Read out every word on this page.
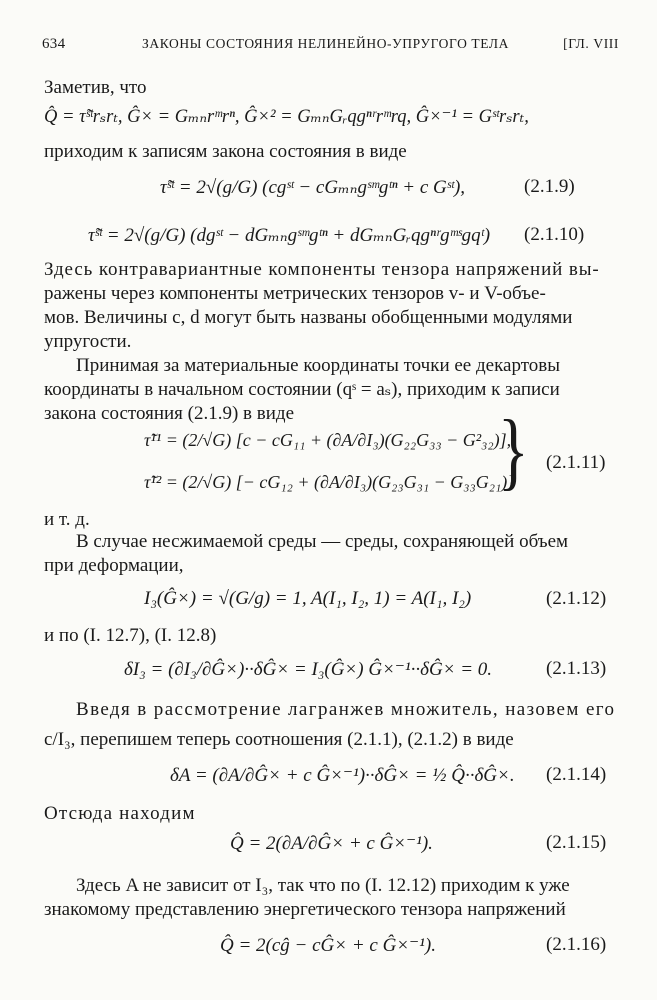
634	ЗАКОНЫ СОСТОЯНИЯ НЕЛИНЕЙНО-УПРУГОГО ТЕЛА	[ГЛ. VIII
Заметив, что
Q̂ = τ̃ˢᵗrₛrₜ, Ĝ× = Gₘₙrᵐrⁿ, Ĝ×² = GₘₙGᵣqgⁿʳrᵐrq, Ĝ×⁻¹ = Gˢᵗrₛrₜ,
приходим к записям закона состояния в виде
τ̃ˢᵗ = 2√(g/G) (cgˢᵗ − cGₘₙgˢᵐgᵗⁿ + c Gˢᵗ),	(2.1.9)
τ̃ˢᵗ = 2√(g/G) (dgˢᵗ − dGₘₙgˢᵐgᵗⁿ + dGₘₙGᵣqgⁿʳgᵐˢgqᵗ) (2.1.10)
Здесь контравариантные компоненты тензора напряжений вы-
ражены через компоненты метрических тензоров v- и V-объе-
мов. Величины c, d могут быть названы обобщенными модулями
упругости.
Принимая за материальные координаты точки ее декартовы
координаты в начальном состоянии (qˢ = aₛ), приходим к записи
закона состояния (2.1.9) в виде
τ̃¹¹ = (2/√G) [c − cG₁₁ + (∂A/∂I₃)(G₂₂G₃₃ − G²₃₂)],
τ̃¹² = (2/√G) [− cG₁₂ + (∂A/∂I₃)(G₂₃G₃₁ − G₃₃G₂₁)]
} (2.1.11)
и т. д.
В случае несжимаемой среды — среды, сохраняющей объем
при деформации,
I₃(Ĝ×) = √(G/g) = 1, A(I₁, I₂, 1) = A(I₁, I₂)	(2.1.12)
и по (I. 12.7), (I. 12.8)
δI₃ = (∂I₃/∂Ĝ×)··δĜ× = I₃(Ĝ×) Ĝ×⁻¹··δĜ× = 0.	(2.1.13)
Введя в рассмотрение лагранжев множитель, назовем его
c/I₃, перепишем теперь соотношения (2.1.1), (2.1.2) в виде
δA = (∂A/∂Ĝ× + c Ĝ×⁻¹)··δĜ× = ½ Q̂··δĜ×. (2.1.14)
Отсюда находим
Q̂ = 2(∂A/∂Ĝ× + c Ĝ×⁻¹).	(2.1.15)
Здесь A не зависит от I₃, так что по (I. 12.12) приходим к уже
знакомому представлению энергетического тензора напряжений
Q̂ = 2(cĝ − cĜ× + c Ĝ×⁻¹).	(2.1.16)
